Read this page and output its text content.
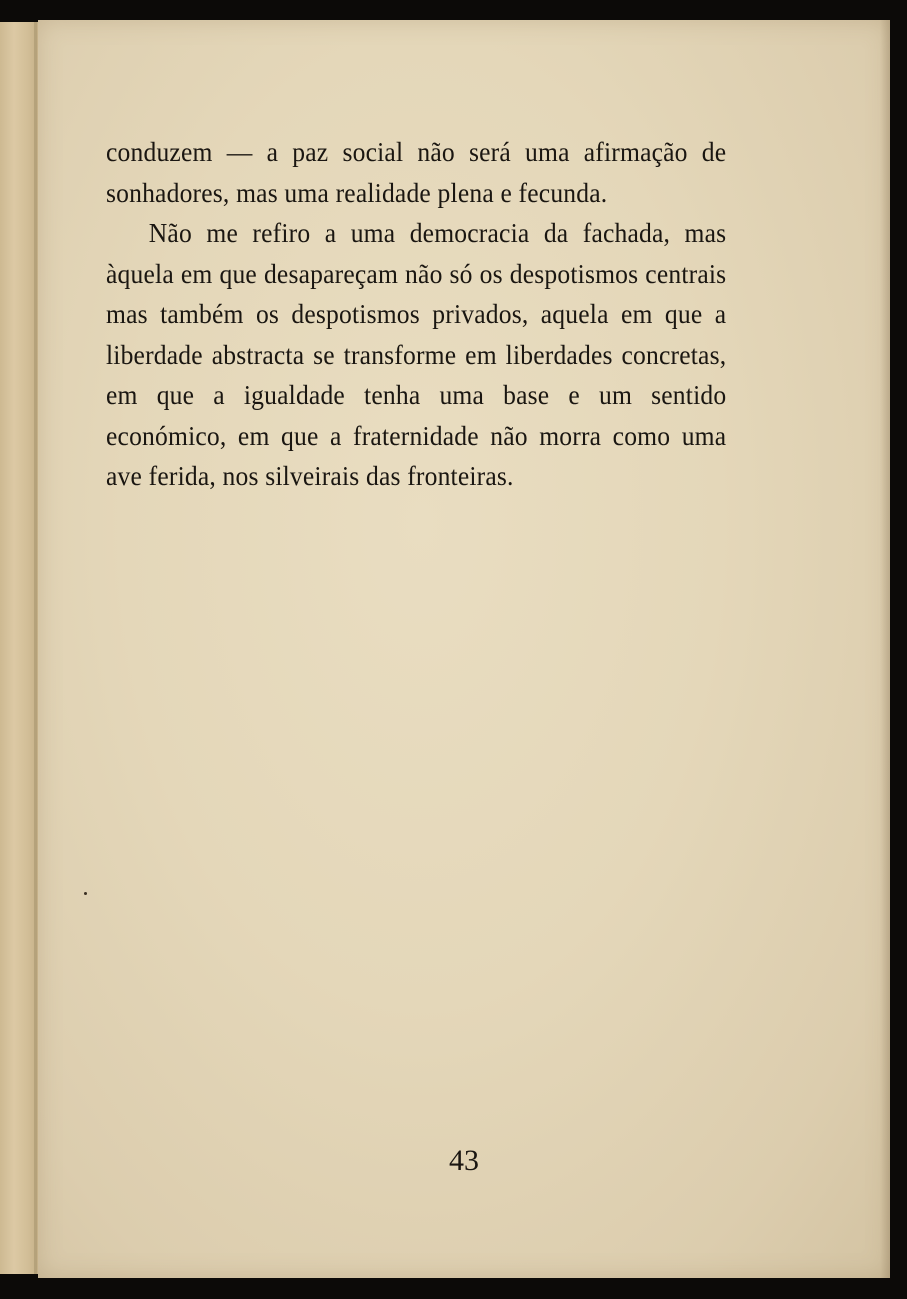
conduzem — a paz social não será uma afirmação de sonhadores, mas uma realidade plena e fecunda.

Não me refiro a uma democracia da fachada, mas àquela em que desapareçam não só os despotismos centrais mas também os despotismos privados, aquela em que a liberdade abstracta se transforme em liberdades concretas, em que a igualdade tenha uma base e um sentido económico, em que a fraternidade não morra como uma ave ferida, nos silveirais das fronteiras.

43
